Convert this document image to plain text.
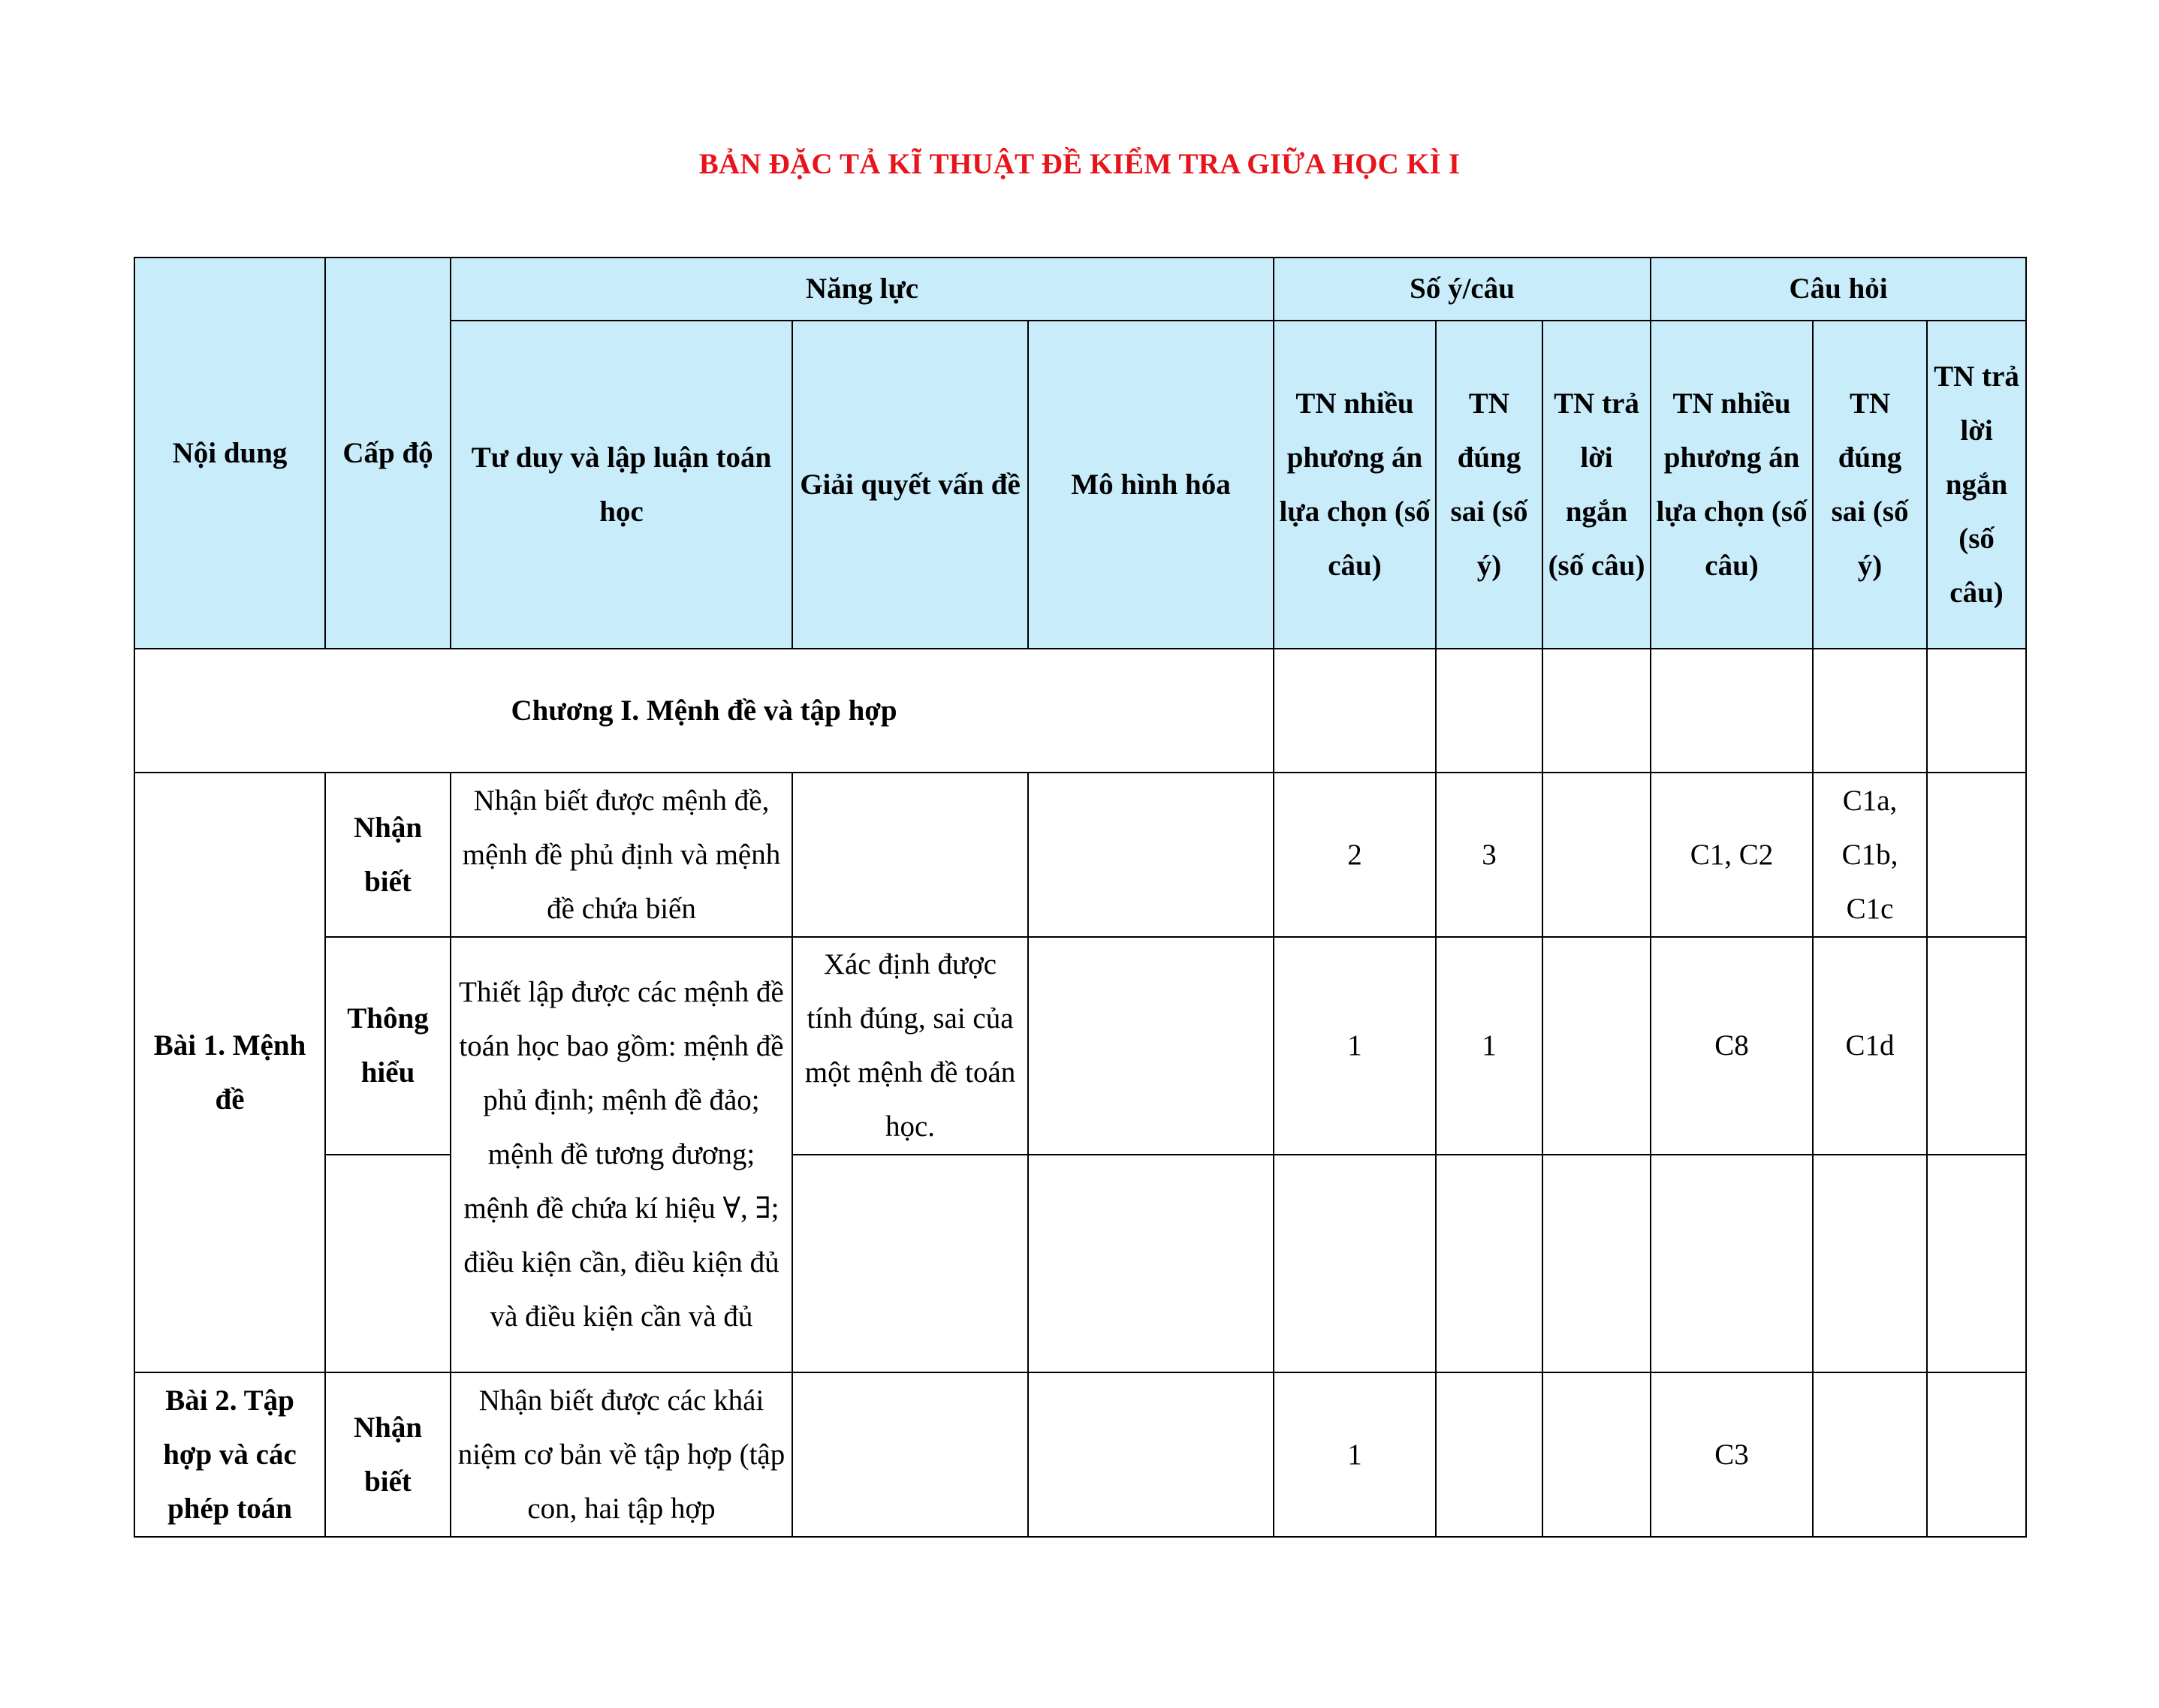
BẢN ĐẶC TẢ KĨ THUẬT ĐỀ KIỂM TRA GIỮA HỌC KÌ I
Nội dung	Cấp độ	Năng lực			Số ý/câu			Câu hỏi		
		Tư duy và lập luận toán học	Giải quyết vấn đề	Mô hình hóa	TN nhiều phương án lựa chọn (số câu)	TN đúng sai (số ý)	TN trả lời ngắn (số câu)	TN nhiều phương án lựa chọn (số câu)	TN đúng sai (số ý)	TN trả lời ngắn (số câu)
Chương I. Mệnh đề và tập hợp										
Bài 1. Mệnh đề	Nhận biết	Nhận biết được mệnh đề, mệnh đề phủ định và mệnh đề chứa biến			2	3		C1, C2	C1a, C1b, C1c	
	Thông hiểu	Thiết lập được các mệnh đề toán học bao gồm: mệnh đề phủ định; mệnh đề đảo; mệnh đề tương đương; mệnh đề chứa kí hiệu ∀, ∃; điều kiện cần, điều kiện đủ và điều kiện cần và đủ	Xác định được tính đúng, sai của một mệnh đề toán học.		1	1		C8	C1d	

Bài 2. Tập hợp và các phép toán	Nhận biết	Nhận biết được các khái niệm cơ bản về tập hợp (tập con, hai tập hợp			1			C3		
